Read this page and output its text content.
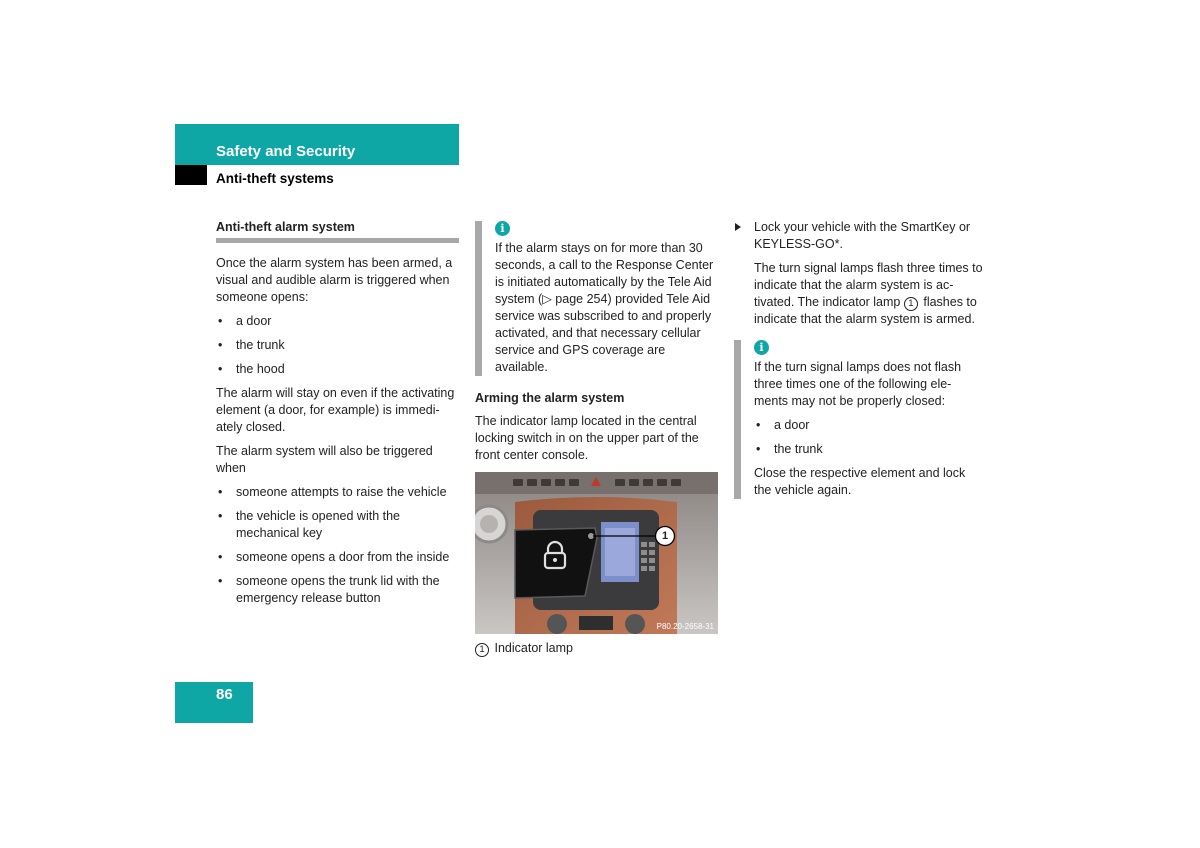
Safety and Security
Anti-theft systems
Anti-theft alarm system

Once the alarm system has been armed, a visual and audible alarm is triggered when someone opens:

• a door
• the trunk
• the hood

The alarm will stay on even if the activating element (a door, for example) is immedi-ately closed.

The alarm system will also be triggered when

• someone attempts to raise the vehicle
• the vehicle is opened with the mechanical key
• someone opens a door from the inside
• someone opens the trunk lid with the emergency release button
i

If the alarm stays on for more than 30 seconds, a call to the Response Center is initiated automatically by the Tele Aid system (▷ page 254) provided Tele Aid service was subscribed to and properly activated, and that necessary cellular service and GPS coverage are available.

Arming the alarm system

The indicator lamp located in the central locking switch in on the upper part of the front center console.

1
P80.20-2658-31

1 Indicator lamp

Lock your vehicle with the SmartKey or KEYLESS-GO*.

The turn signal lamps flash three times to indicate that the alarm system is ac-tivated. The indicator lamp 1 flashes to indicate that the alarm system is armed.

i

If the turn signal lamps does not flash three times one of the following ele-ments may not be properly closed:

• a door
• the trunk

Close the respective element and lock the vehicle again.

86
